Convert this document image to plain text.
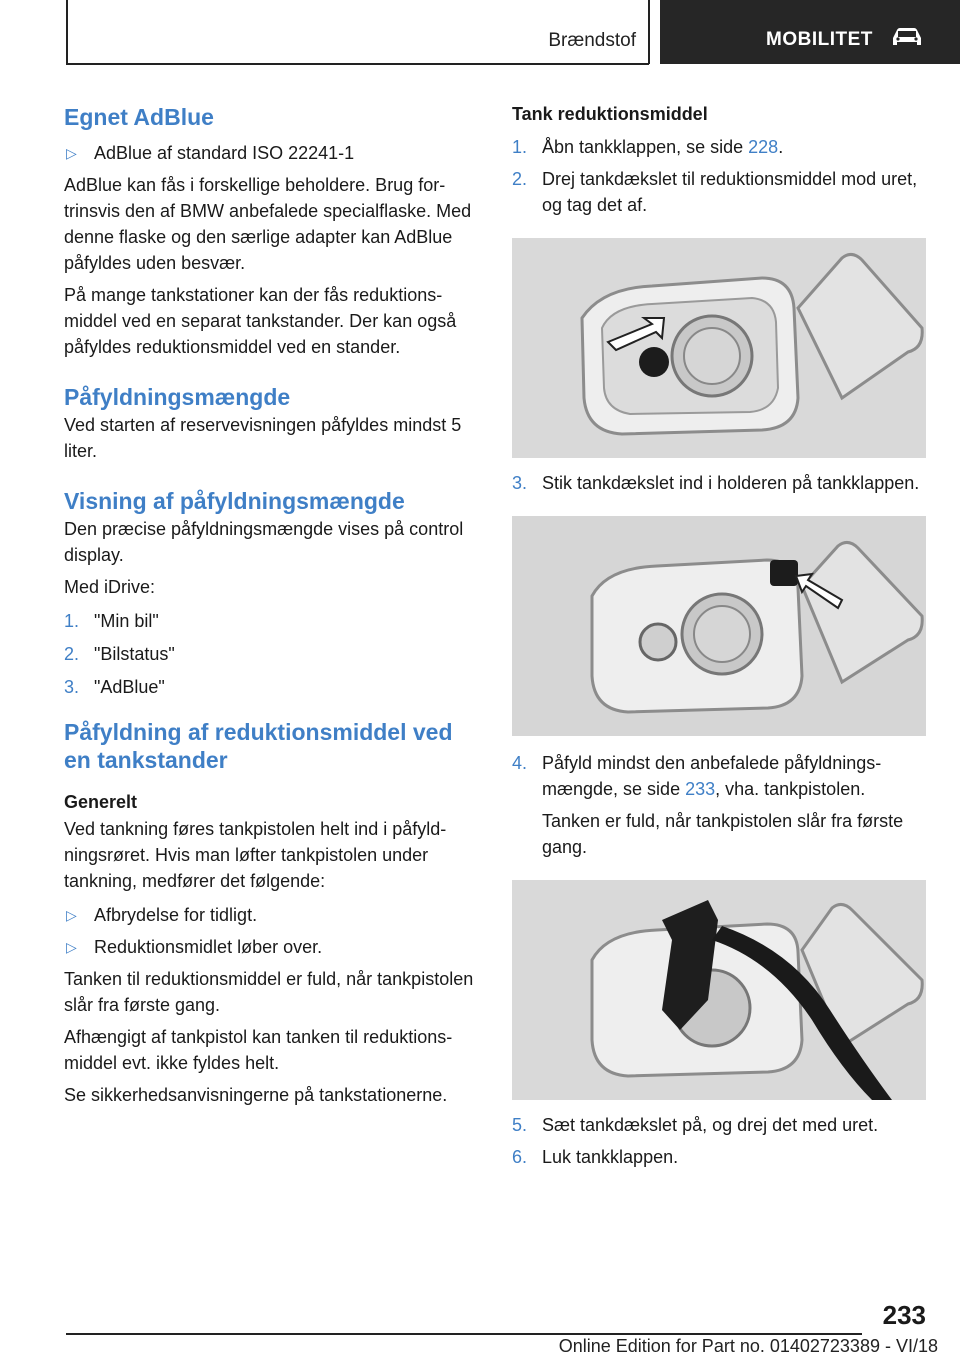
Brændstof	MOBILITET
Egnet AdBlue
▷ AdBlue af standard ISO 22241-1
AdBlue kan fås i forskellige beholdere. Brug fortrinsvis den af BMW anbefalede specialflaske. Med denne flaske og den særlige adapter kan AdBlue påfyldes uden besvær.
På mange tankstationer kan der fås reduktionsmiddel ved en separat tankstander. Der kan også påfyldes reduktionsmiddel ved en stander.
Påfyldningsmængde
Ved starten af reservevisningen påfyldes mindst 5 liter.
Visning af påfyldningsmængde
Den præcise påfyldningsmængde vises på control display.
Med iDrive:
1. "Min bil"
2. "Bilstatus"
3. "AdBlue"
Påfyldning af reduktionsmiddel ved en tankstander
Generelt
Ved tankning føres tankpistolen helt ind i påfyldningsrøret. Hvis man løfter tankpistolen under tankning, medfører det følgende:
▷ Afbrydelse for tidligt.
▷ Reduktionsmidlet løber over.
Tanken til reduktionsmiddel er fuld, når tankpistolen slår fra første gang.
Afhængigt af tankpistol kan tanken til reduktionsmiddel evt. ikke fyldes helt.
Se sikkerhedsanvisningerne på tankstationerne.
Tank reduktionsmiddel
1. Åbn tankklappen, se side 228.
2. Drej tankdækslet til reduktionsmiddel mod uret, og tag det af.
3. Stik tankdækslet ind i holderen på tankklappen.
4. Påfyld mindst den anbefalede påfyldningsmængde, se side 233, vha. tankpistolen.
Tanken er fuld, når tankpistolen slår fra første gang.
5. Sæt tankdækslet på, og drej det med uret.
6. Luk tankklappen.
233
Online Edition for Part no. 01402723389 - VI/18
